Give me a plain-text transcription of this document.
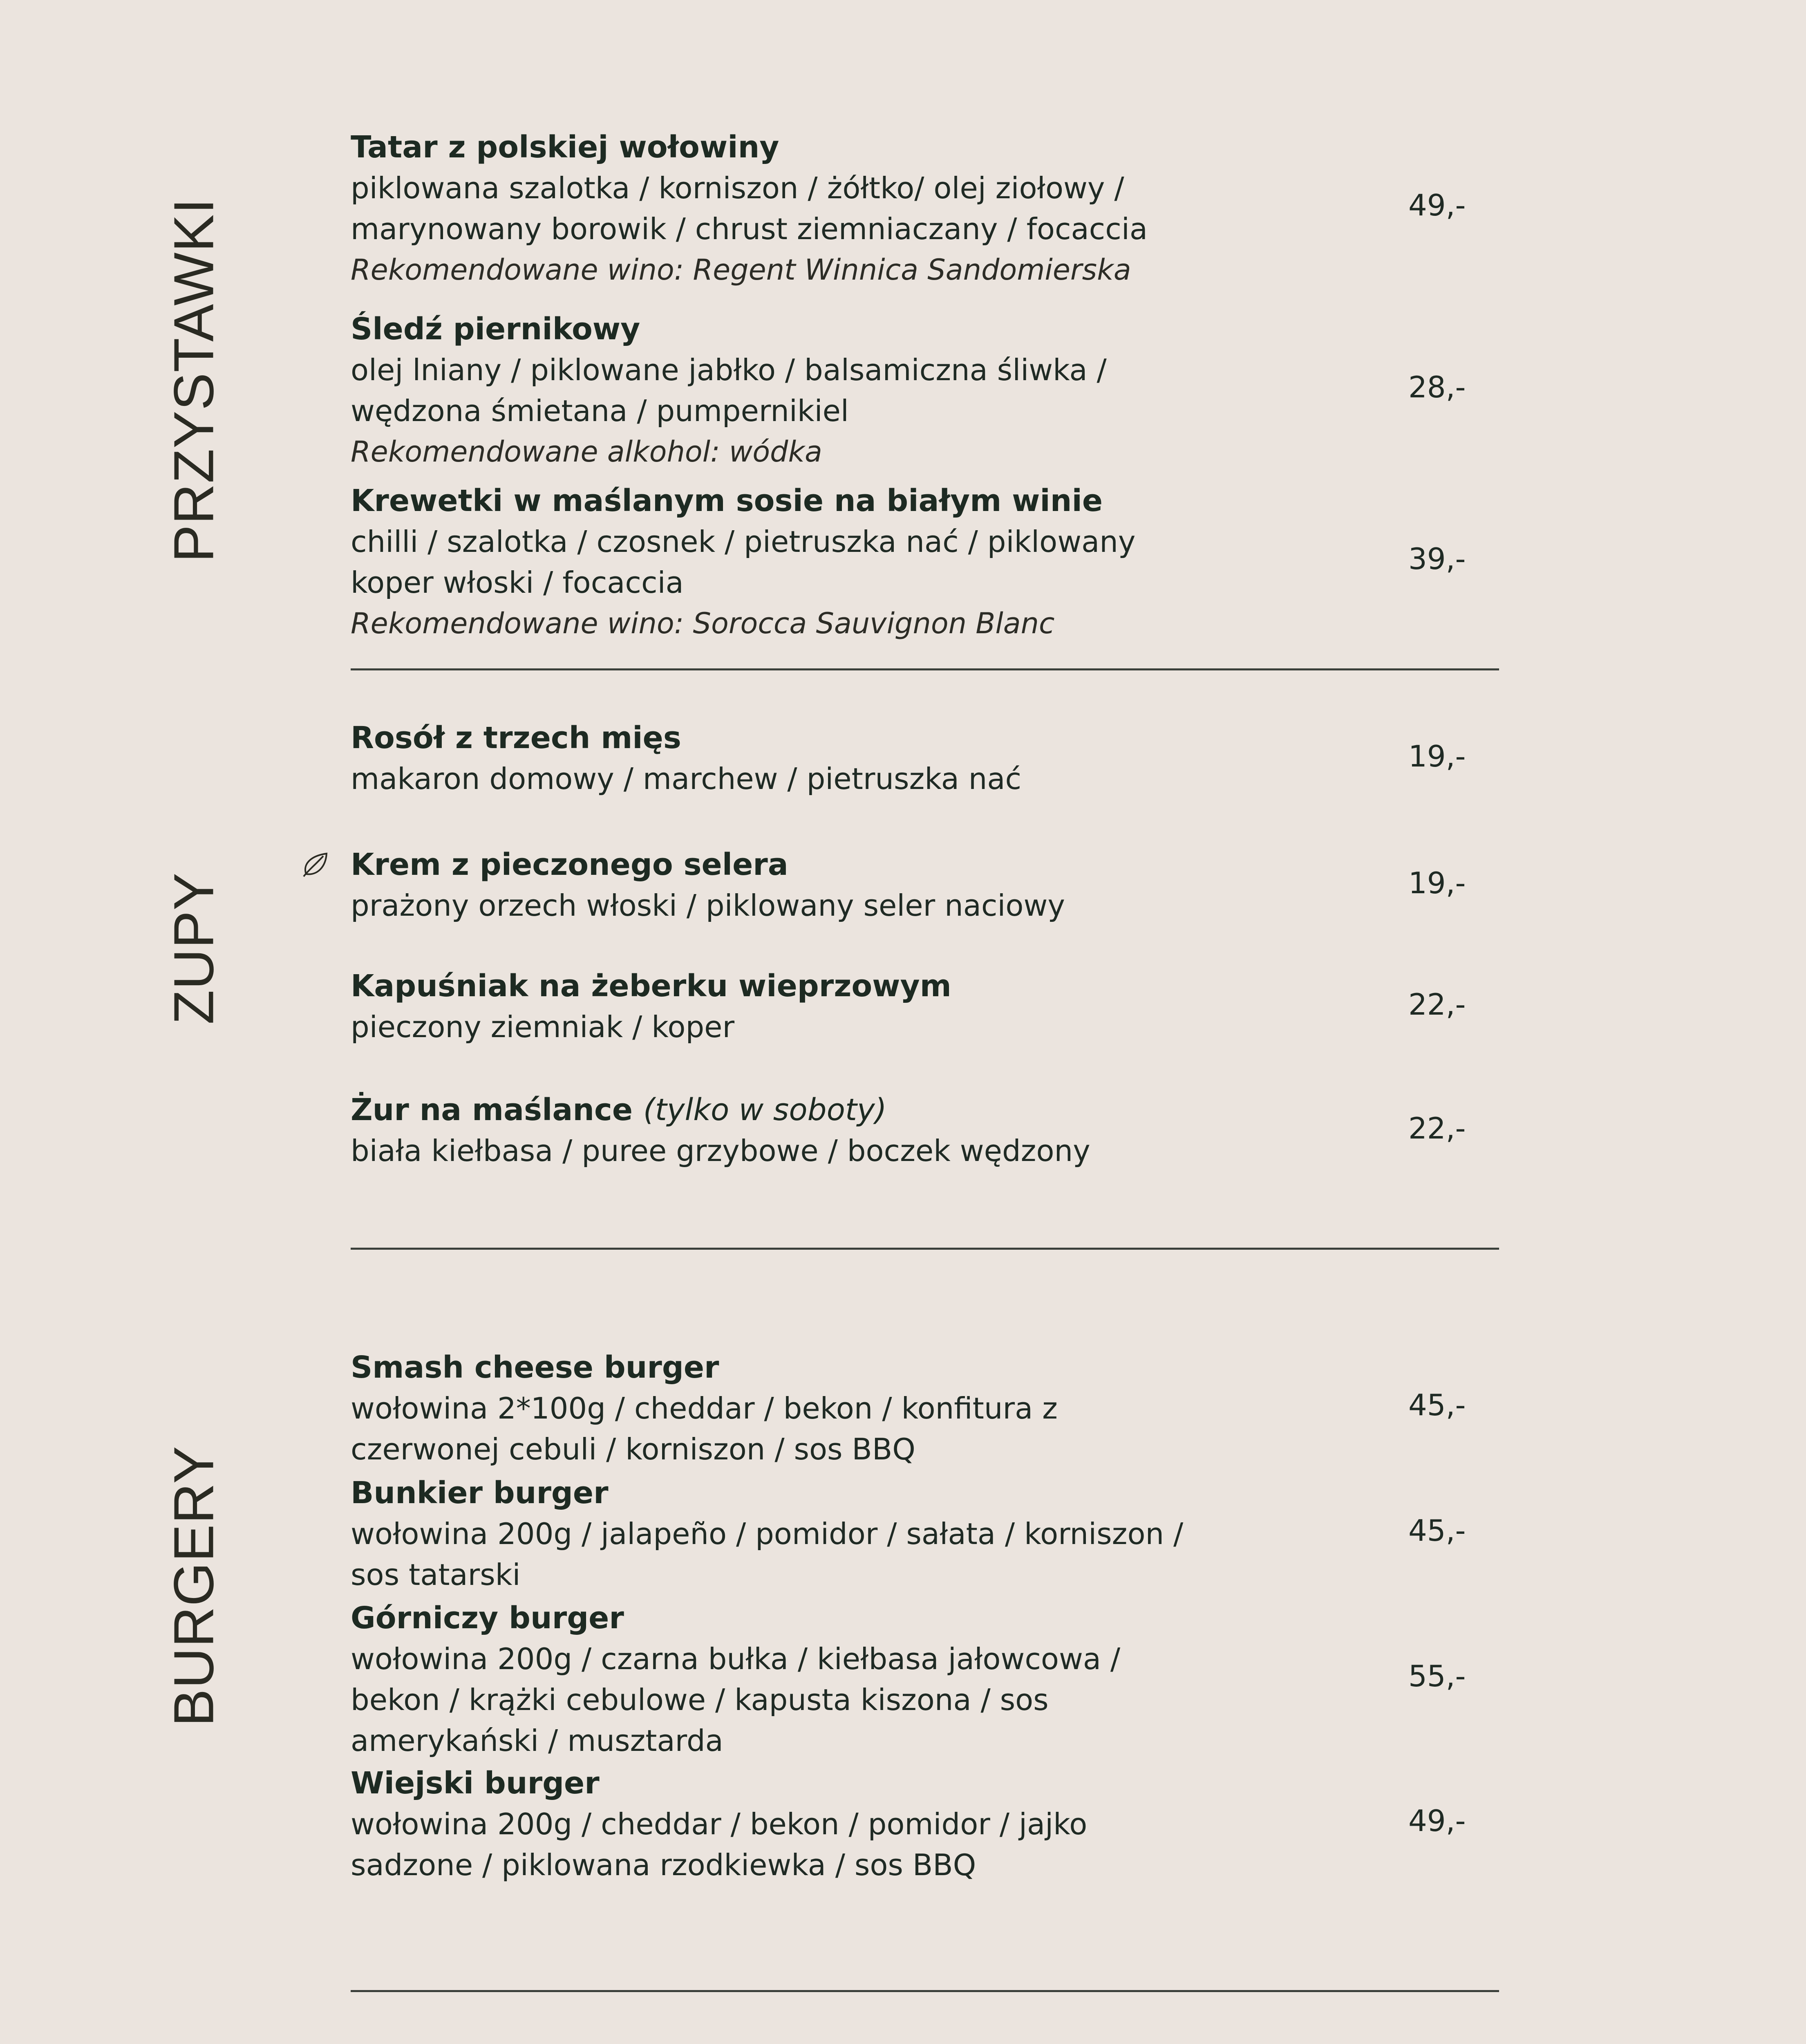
PRZYSTAWKI
ZUPY
BURGERY
Tatar z polskiej wołowiny
piklowana szalotka / korniszon / żółtko/ olej ziołowy / marynowany borowik / chrust ziemniaczany / focaccia
Rekomendowane wino: Regent Winnica Sandomierska
49,-
Śledź piernikowy
olej lniany / piklowane jabłko / balsamiczna śliwka / wędzona śmietana / pumpernikiel
Rekomendowane alkohol: wódka
28,-
Krewetki w maślanym sosie na białym winie
chilli / szalotka / czosnek / pietruszka nać / piklowany koper włoski / focaccia
Rekomendowane wino: Sorocca Sauvignon Blanc
39,-
Rosół z trzech mięs
makaron domowy / marchew / pietruszka nać
19,-
Krem z pieczonego selera
prażony orzech włoski / piklowany seler naciowy
19,-
Kapuśniak na żeberku wieprzowym
pieczony ziemniak / koper
22,-
Żur na maślance (tylko w soboty)
biała kiełbasa / puree grzybowe / boczek wędzony
22,-
Smash cheese burger
wołowina 2*100g / cheddar / bekon / konfitura z czerwonej cebuli / korniszon / sos BBQ
45,-
Bunkier burger
wołowina 200g / jalapeño / pomidor / sałata / korniszon / sos tatarski
45,-
Górniczy burger
wołowina 200g / czarna bułka / kiełbasa jałowcowa / bekon / krążki cebulowe / kapusta kiszona / sos amerykański / musztarda
55,-
Wiejski burger
wołowina 200g / cheddar / bekon / pomidor / jajko sadzone / piklowana rzodkiewka / sos BBQ
49,-
